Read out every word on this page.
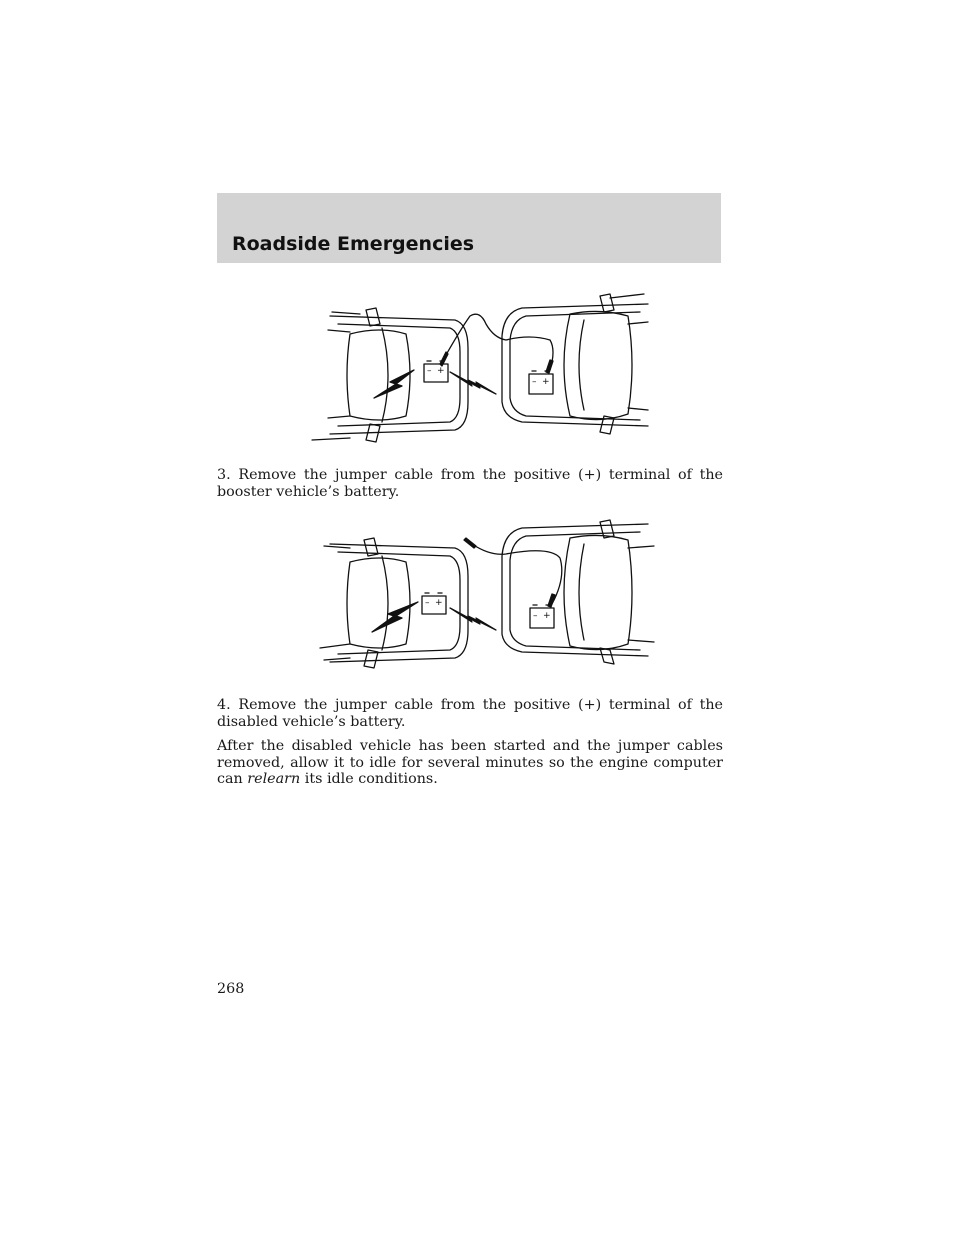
Roadside Emergencies
– +
– +

3. Remove the jumper cable from the positive (+) terminal of the booster vehicle’s battery.

– +
– +

4. Remove the jumper cable from the positive (+) terminal of the disabled vehicle’s battery.

After the disabled vehicle has been started and the jumper cables removed, allow it to idle for several minutes so the engine computer can relearn its idle conditions.

268
